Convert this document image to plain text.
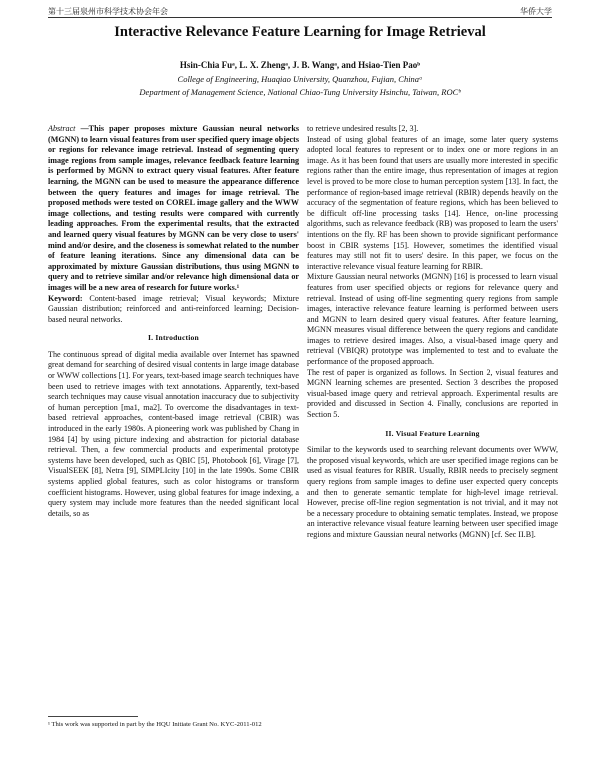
第十三届泉州市科学技术协会年会	华侨大学
Interactive Relevance Feature Learning for Image Retrieval
Hsin-Chia Fuᵃ, L. X. Zhengᵃ, J. B. Wangᵃ, and Hsiao-Tien Paoᵇ
College of Engineering, Huaqiao University, Quanzhou, Fujian, Chinaᵃ
Department of Management Science, National Chiao-Tung University Hsinchu, Taiwan, ROCᵇ

Abstract —This paper proposes mixture Gaussian neural networks (MGNN) to learn visual features from user specified query image objects or regions for relevance image retrieval. Instead of segmenting query image regions from sample images, relevance feedback feature learning is performed by MGNN to extract query visual features. After feature learning, the MGNN can be used to measure the appearance difference between the query features and images for image retrieval. The proposed methods were tested on COREL image gallery and the WWW image collections, and testing results were compared with currently leading approaches. From the experimental results, that the extracted and learned query visual features by MGNN can be very close to users' mind and/or desire, and the closeness is somewhat related to the number of feature leaning iterations. Since any dimensional data can be approximated by mixture Gaussian distributions, thus using MGNN to query and to retrieve similar and/or relevance high dimensional data or images will be a new area of research for future works.¹

Keyword: Content-based image retrieval; Visual keywords; Mixture Gaussian distribution; reinforced and anti-reinforced learning; Decision-based neural networks.

I. Introduction

The continuous spread of digital media available over Internet has spawned great demand for searching of desired visual contents in large image database or WWW collections [1]. For years, text-based image search techniques have been used to retrieve images with text annotations. Apparently, text-based search techniques may cause visual annotation inaccuracy due to subjectivity of human perception [ma1, ma2]. To overcome the disadvantages in text-based retrieval approaches, content-based image retrieval (CBIR) was introduced in the early 1980s. A pioneering work was published by Chang in 1984 [4] by using picture indexing and abstraction for pictorial database retrieval. Then, a few commercial products and experimental prototype systems have been developed, such as QBIC [5], Photobook [6], Virage [7], VisualSEEK [8], Netra [9], SIMPLIcity [10] in the late 1990s. Some CBIR systems applied global features, such as color histograms or transform coefficient histograms. However, using global features for image indexing, a query system may include more features than the needed significant local details, so as

to retrieve undesired results [2, 3].

Instead of using global features of an image, some later query systems adopted local features to represent or to index one or more regions in an image. As it has been found that users are usually more interested in specific regions rather than the entire image, thus representation of images at region level is proved to be more close to human perception system [13]. In fact, the performance of region-based image retrieval (RBIR) depends heavily on the accuracy of the segmentation of feature regions, which has been believed to be difficult off-line processing tasks [14]. Hence, on-line processing algorithms, such as relevance feedback (RB) was proposed to learn the users' intentions on the fly. RF has been shown to provide significant performance boost in CBIR systems [15]. However, sometimes the identified visual features may still not fit to users' desire. In this paper, we focus on the interactive relevance visual feature learning for RBIR.

Mixture Gaussian neural networks (MGNN) [16] is processed to learn visual features from user specified objects or regions for relevance query and retrieval. Instead of using off-line segmenting query regions from sample images, interactive relevance feature learning is performed between users and MGNN to learn desired query visual features. After feature learning, MGNN measures visual difference between the query regions and candidate images to retrieve desired images. Also, a visual-based image query and retrieval (VBIQR) prototype was implemented to test and to evaluate the performance of the proposed approach.

The rest of paper is organized as follows. In Section 2, visual features and MGNN learning schemes are presented. Section 3 describes the proposed visual-based image query and retrieval approach. Experimental results are provided and discussed in Section 4. Finally, conclusions are reported in Section 5.

II. Visual Feature Learning

Similar to the keywords used to searching relevant documents over WWW, the proposed visual keywords, which are user specified image regions can be used as visual features for RBIR. Usually, RBIR needs to precisely segment query regions from sample images to define user expected query concepts and then to generate semantic template for high-level image retrieval. However, precise off-line region segmentation is not trivial, and it may not be a necessary procedure to obtaining sematic templates. Instead, we propose an interactive relevance visual feature learning between user specified image regions and mixture Gaussian neural networks (MGNN) [cf. Sec II.B].

¹ This work was supported in part by the HQU Initiate Grant No. KYC-2011-012
